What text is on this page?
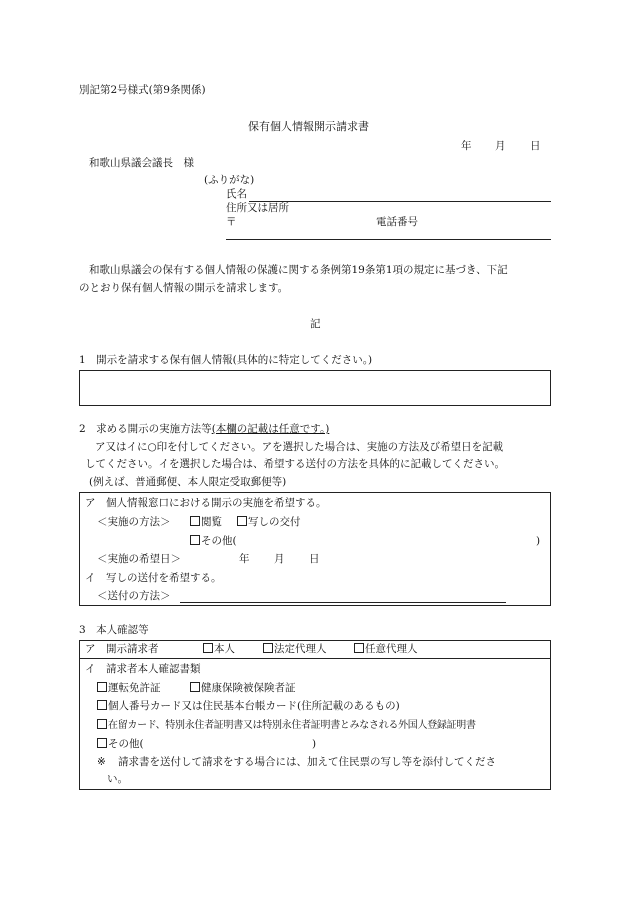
別記第2号様式(第9条関係)
保有個人情報開示請求書
年 月 日
和歌山県議会議長　様
(ふりがな)
氏名
住所又は居所
〒	電話番号
和歌山県議会の保有する個人情報の保護に関する条例第19条第1項の規定に基づき、下記
のとおり保有個人情報の開示を請求します。
記
1　開示を請求する保有個人情報(具体的に特定してください。)
2　求める開示の実施方法等(本欄の記載は任意です。)
ア又はイに○印を付してください。アを選択した場合は、実施の方法及び希望日を記載
してください。イを選択した場合は、希望する送付の方法を具体的に記載してください。
(例えば、普通郵便、本人限定受取郵便等)
ア　個人情報窓口における開示の実施を希望する。
＜実施の方法＞	閲覧	写しの交付
その他(	)
＜実施の希望日＞	年 月 日
イ　写しの送付を希望する。
＜送付の方法＞
3　本人確認等
ア　開示請求者	本人	法定代理人	任意代理人
イ　請求者本人確認書類
運転免許証	健康保険被保険者証
個人番号カード又は住民基本台帳カード(住所記載のあるもの)
在留カード、特別永住者証明書又は特別永住者証明書とみなされる外国人登録証明書
その他(	)
※ 請求書を送付して請求をする場合には、加えて住民票の写し等を添付してくださ
い。
